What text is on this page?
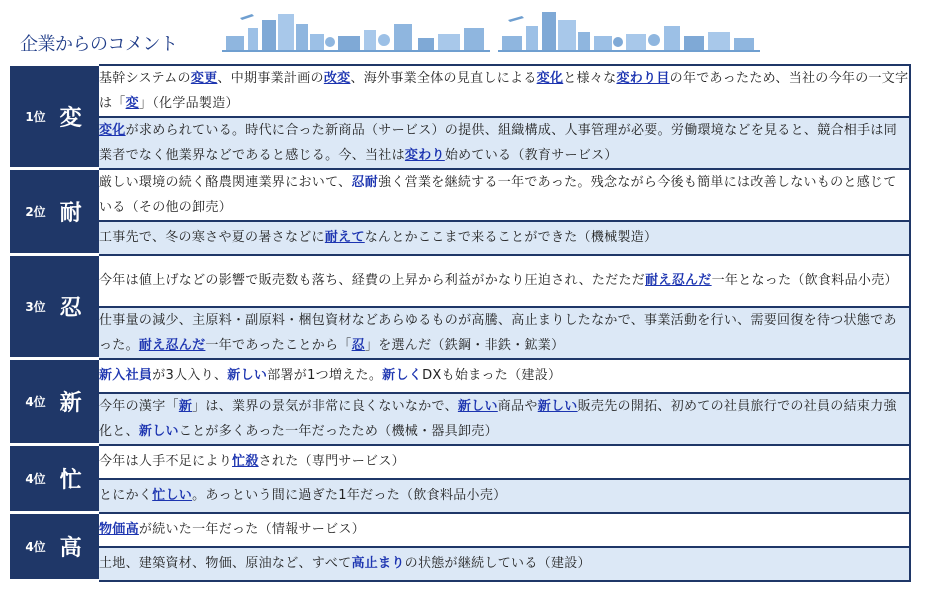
企業からのコメント
1位 変	基幹システムの変更、中期事業計画の改変、海外事業全体の見直しによる変化と様々な変わり目の年であったため、当社の今年の一文字は「変」（化学品製造）
	変化が求められている。時代に合った新商品（サービス）の提供、組織構成、人事管理が必要。労働環境などを見ると、競合相手は同業者でなく他業界などであると感じる。今、当社は変わり始めている（教育サービス）
2位 耐	厳しい環境の続く酪農関連業界において、忍耐強く営業を継続する一年であった。残念ながら今後も簡単には改善しないものと感じている（その他の卸売）
	工事先で、冬の寒さや夏の暑さなどに耐えてなんとかここまで来ることができた（機械製造）
3位 忍	今年は値上げなどの影響で販売数も落ち、経費の上昇から利益がかなり圧迫され、ただただ耐え忍んだ一年となった（飲食料品小売）
	仕事量の減少、主原料・副原料・梱包資材などあらゆるものが高騰、高止まりしたなかで、事業活動を行い、需要回復を待つ状態であった。耐え忍んだ一年であったことから「忍」を選んだ（鉄鋼・非鉄・鉱業）
4位 新	新入社員が3人入り、新しい部署が1つ増えた。新しくDXも始まった（建設）
	今年の漢字「新」は、業界の景気が非常に良くないなかで、新しい商品や新しい販売先の開拓、初めての社員旅行での社員の結束力強化と、新しいことが多くあった一年だったため（機械・器具卸売）
4位 忙	今年は人手不足により忙殺された（専門サービス）
	とにかく忙しい。あっという間に過ぎた1年だった（飲食料品小売）
4位 高	物価高が続いた一年だった（情報サービス）
	土地、建築資材、物価、原油など、すべて高止まりの状態が継続している（建設）
